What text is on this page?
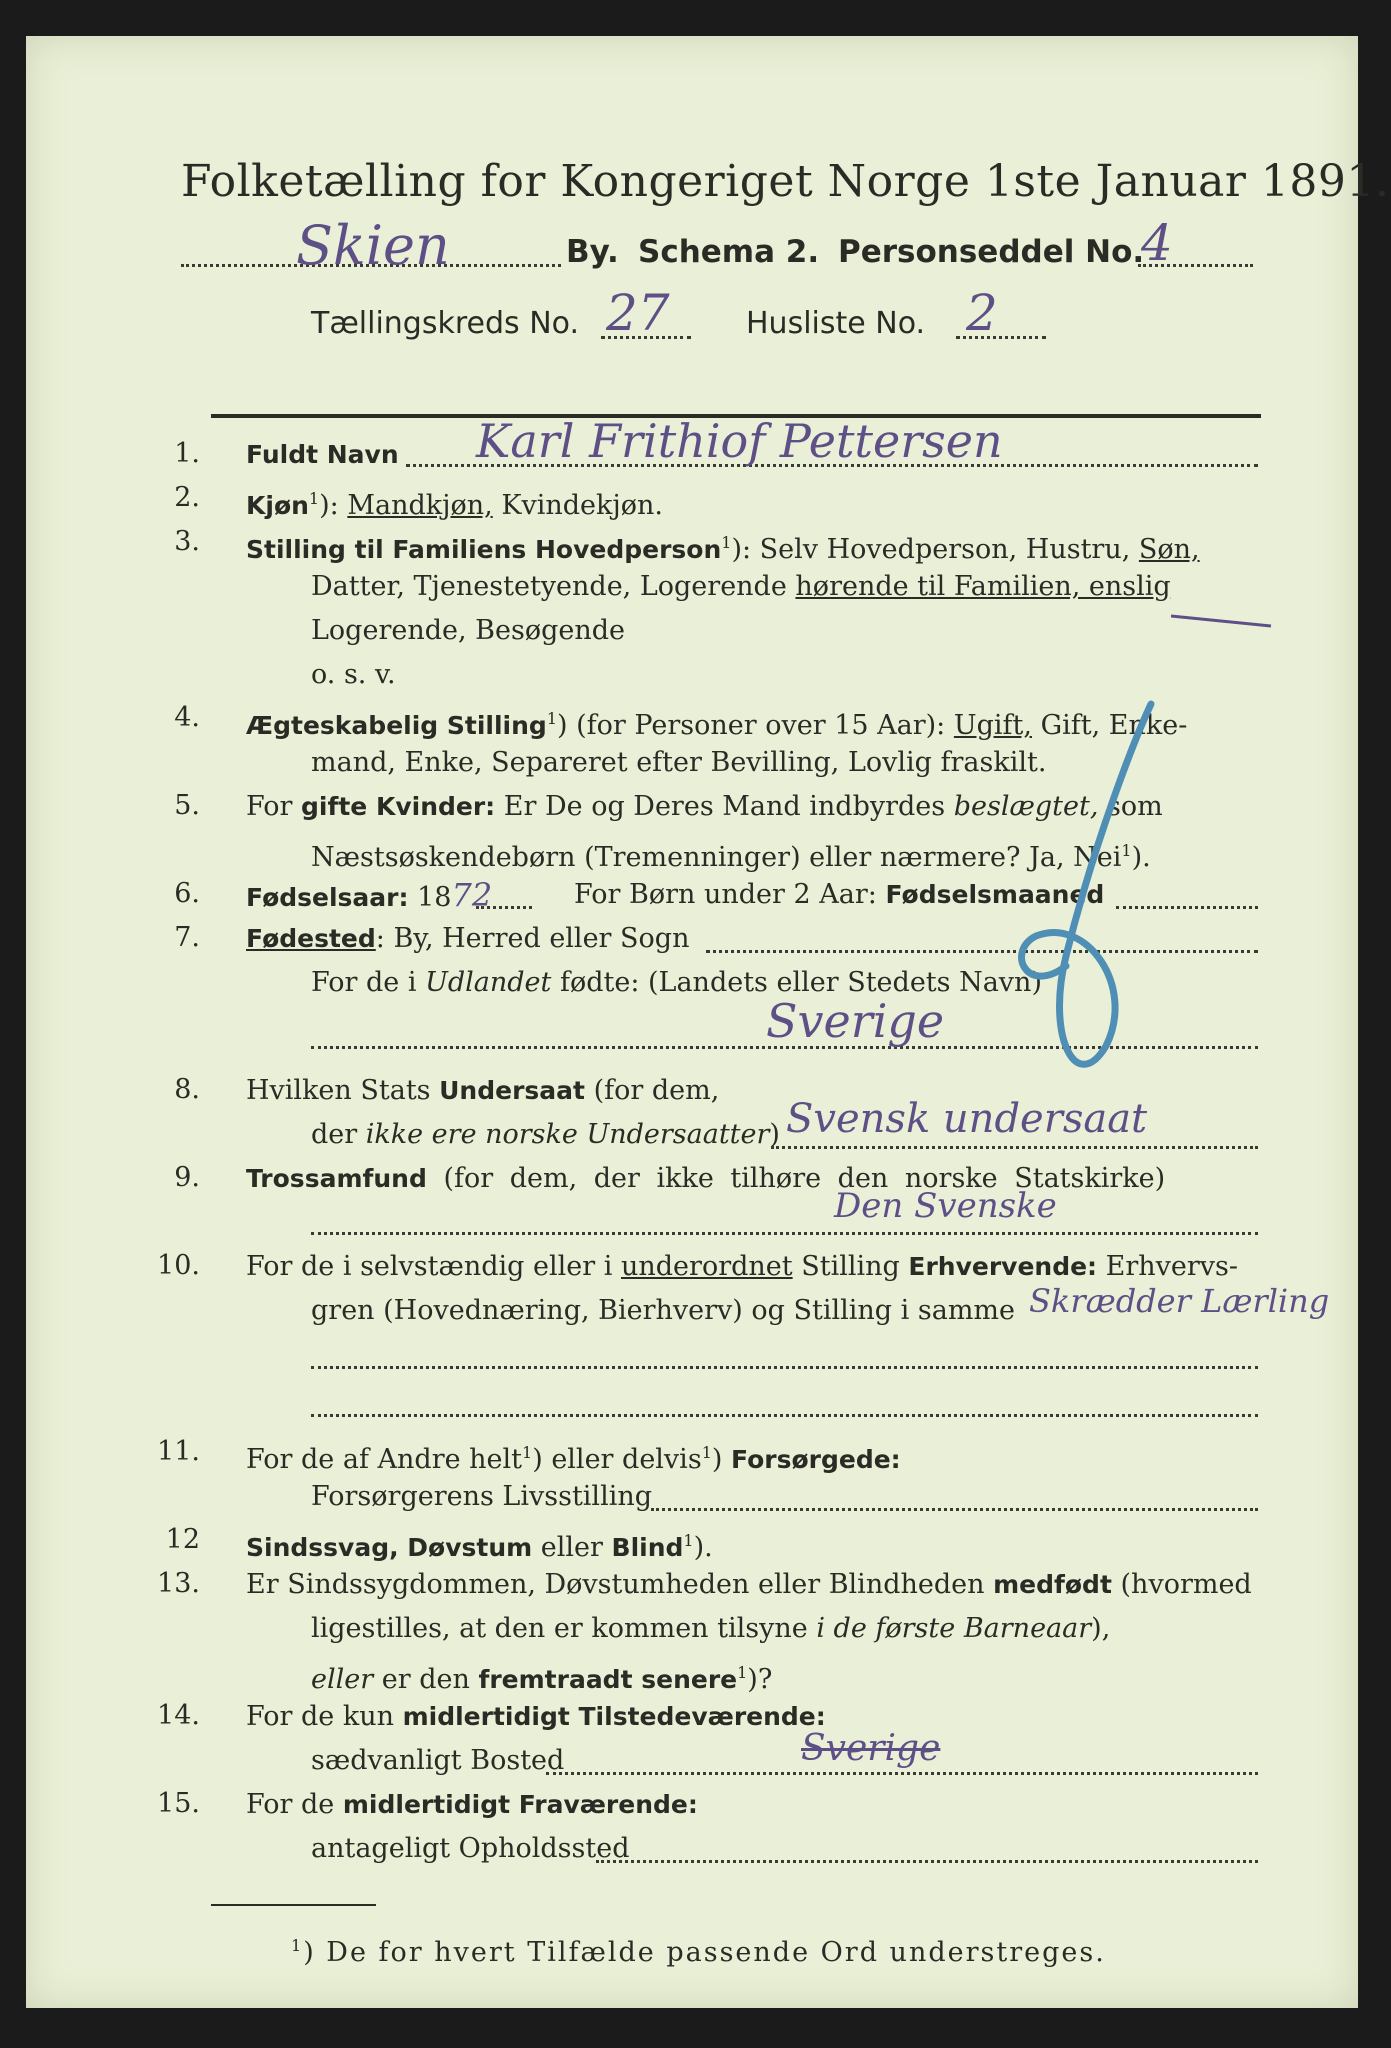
Folketælling for Kongeriget Norge 1ste Januar 1891.
Skien	By. Schema 2. Personseddel No.
4
Tællingskreds No. 27	Husliste No. 2
1. Fuldt Navn Karl Frithiof Pettersen
2. Kjøn$^1$): Mandkjøn, Kvindekjøn.
3. Stilling til Familiens Hovedperson$^1$): Selv Hovedperson, Hustru, Søn,
Datter, Tjenestetyende, Logerende hørende til Familien, enslig
Logerende, Besøgende
o. s. v.
4. Ægteskabelig Stilling$^1$) (for Personer over 15 Aar): Ugift, Gift, Enke-
mand, Enke, Separeret efter Bevilling, Lovlig fraskilt.
5. For gifte Kvinder: Er De og Deres Mand indbyrdes beslægtet, som
Næstsøskendebørn (Tremenninger) eller nærmere? Ja, Nei$^1$).
6. Fødselsaar: 1872	For Børn under 2 Aar: Fødselsmaaned
7. Fødested: By, Herred eller Sogn
For de i Udlandet fødte: (Landets eller Stedets Navn)
Sverige
8. Hvilken Stats Undersaat (for dem,
der ikke ere norske Undersaatter) Svensk undersaat
9. Trossamfund (for dem, der ikke tilhøre den norske Statskirke)
Den Svenske
10. For de i selvstændig eller i underordnet Stilling Erhvervende: Erhvervs-
gren (Hovednæring, Bierhverv) og Stilling i samme Skrædder Lærling
11. For de af Andre helt$^1$) eller delvis$^1$) Forsørgede:
Forsørgerens Livsstilling
12 Sindssvag, Døvstum eller Blind$^1$).
13. Er Sindssygdommen, Døvstumheden eller Blindheden medfødt (hvormed
ligestilles, at den er kommen tilsyne i de første Barneaar),
eller er den fremtraadt senere$^1$)?
14. For de kun midlertidigt Tilstedeværende:
sædvanligt Bosted	Sverige
15. For de midlertidigt Fraværende:
antageligt Opholdssted
$^1$) De for hvert Tilfælde passende Ord understreges.
